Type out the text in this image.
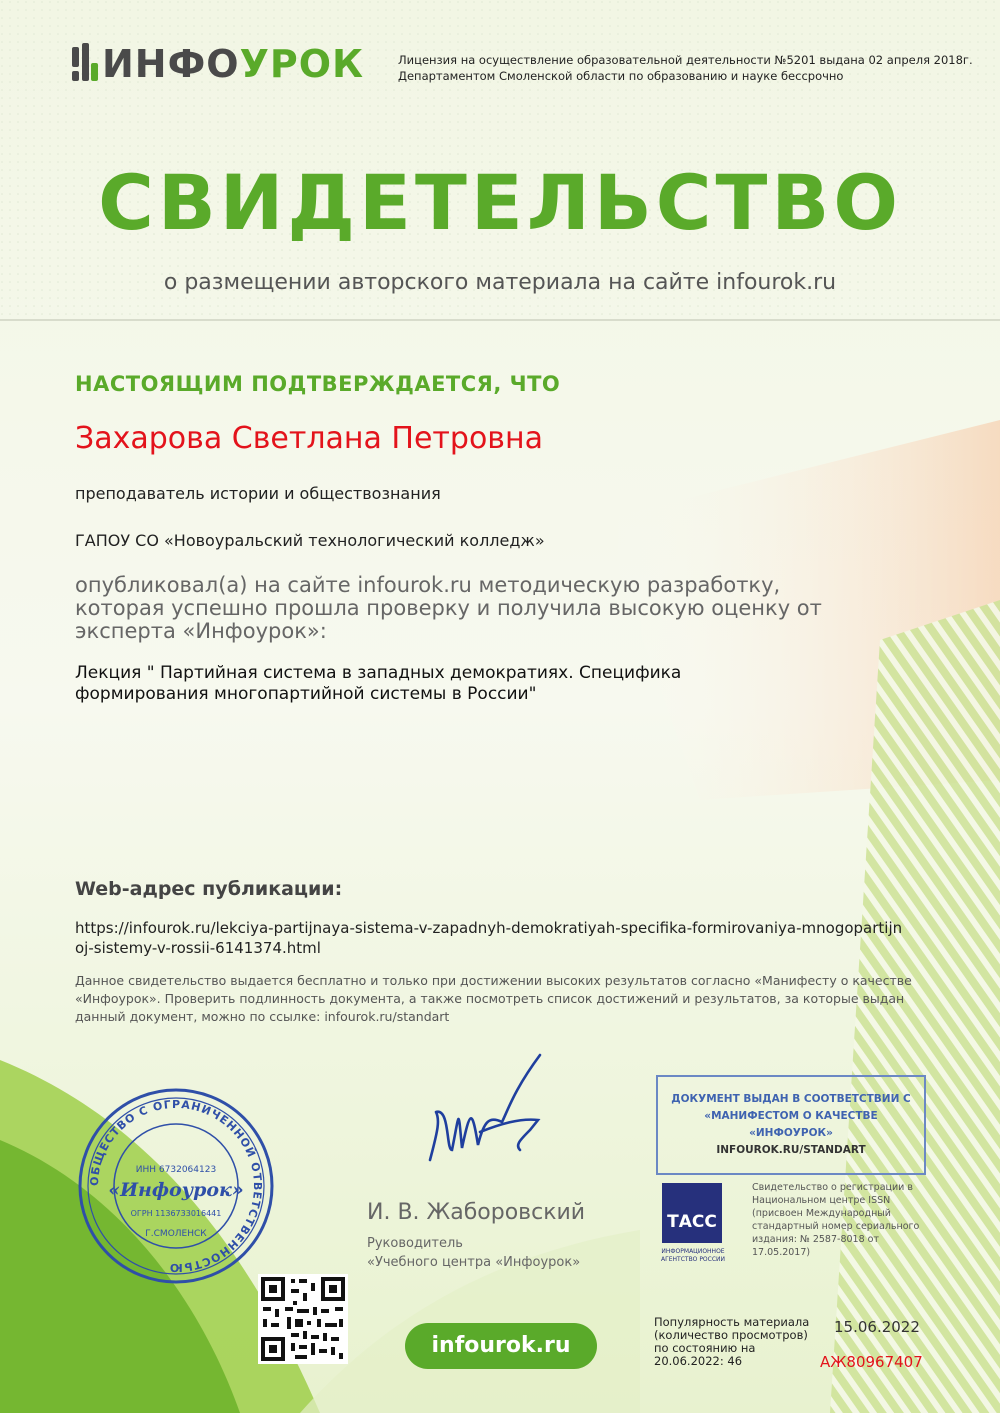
ИНФОУРОК	Лицензия на осуществление образовательной деятельности №5201 выдана 02 апреля 2018г.
Департаментом Смоленской области по образованию и науке бессрочно
СВИДЕТЕЛЬСТВО
о размещении авторского материала на сайте infourok.ru
НАСТОЯЩИМ ПОДТВЕРЖДАЕТСЯ, ЧТО
Захарова Светлана Петровна
преподаватель истории и обществознания
ГАПОУ СО «Новоуральский технологический колледж»
опубликовал(а) на сайте infourok.ru методическую разработку, которая успешно прошла проверку и получила высокую оценку от эксперта «Инфоурок»:
Лекция " Партийная система в западных демократиях. Специфика формирования многопартийной системы в России"
Web-адрес публикации:
https://infourok.ru/lekciya-partijnaya-sistema-v-zapadnyh-demokratiyah-specifika-formirovaniya-mnogopartijnoj-sistemy-v-rossii-6141374.html
Данное свидетельство выдается бесплатно и только при достижении высоких результатов согласно «Манифесту о качестве «Инфоурок». Проверить подлинность документа, а также посмотреть список достижений и результатов, за которые выдан данный документ, можно по ссылке: infourok.ru/standart
ОБЩЕСТВО С ОГРАНИЧЕННОЙ ОТВЕТСТВЕННОСТЬЮ
ИНН 6732064123
«Инфоурок»
ОГРН 1136733016441
Г.СМОЛЕНСК
И. В. Жаборовский
Руководитель
«Учебного центра «Инфоурок»
infourok.ru
ДОКУМЕНТ ВЫДАН В СООТВЕТСТВИИ С
«МАНИФЕСТОМ О КАЧЕСТВЕ «ИНФОУРОК»
INFOUROK.RU/STANDART
ТАСС
ИНФОРМАЦИОННОЕ АГЕНТСТВО РОССИИ
Свидетельство о регистрации в Национальном центре ISSN (присвоен Международный стандартный номер сериального издания: № 2587-8018 от 17.05.2017)
Популярность материала (количество просмотров) по состоянию на 20.06.2022: 46
15.06.2022
АЖ80967407
